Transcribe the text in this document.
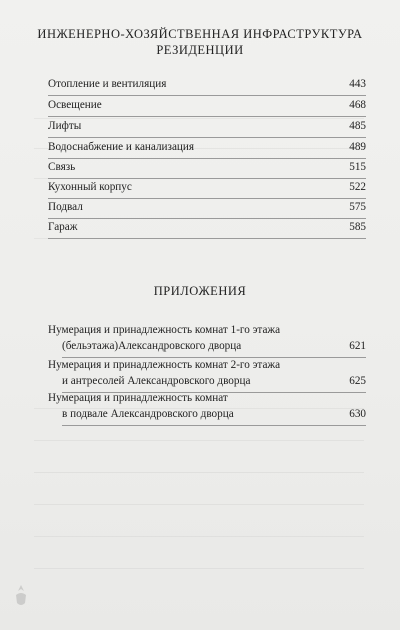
ИНЖЕНЕРНО-ХОЗЯЙСТВЕННАЯ ИНФРАСТРУКТУРА
РЕЗИДЕНЦИИ
Отопление и вентиляция	443
Освещение	468
Лифты	485
Водоснабжение и канализация	489
Связь	515
Кухонный корпус	522
Подвал	575
Гараж	585
ПРИЛОЖЕНИЯ
Нумерация и принадлежность комнат 1-го этажа
(бельэтажа)Александровского дворца	621
Нумерация и принадлежность комнат 2-го этажа
и антресолей Александровского дворца	625
Нумерация и принадлежность комнат
в подвале Александровского дворца	630
